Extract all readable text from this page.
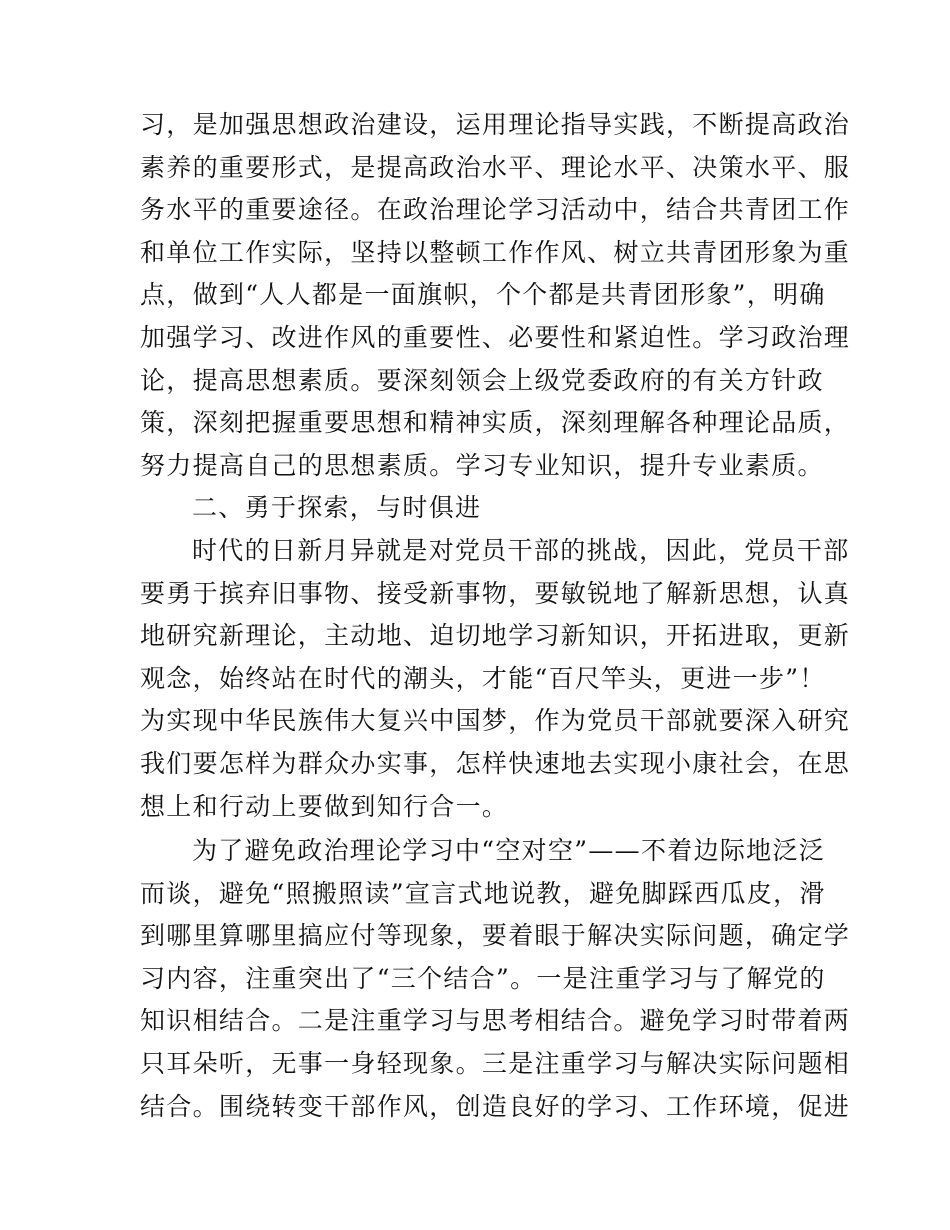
习，是加强思想政治建设，运用理论指导实践，不断提高政治
素养的重要形式，是提高政治水平、理论水平、决策水平、服
务水平的重要途径。在政治理论学习活动中，结合共青团工作
和单位工作实际，坚持以整顿工作作风、树立共青团形象为重
点，做到“人人都是一面旗帜，个个都是共青团形象”，明确
加强学习、改进作风的重要性、必要性和紧迫性。学习政治理
论，提高思想素质。要深刻领会上级党委政府的有关方针政
策，深刻把握重要思想和精神实质，深刻理解各种理论品质，
努力提高自己的思想素质。学习专业知识，提升专业素质。
二、勇于探索，与时俱进
时代的日新月异就是对党员干部的挑战，因此，党员干部
要勇于摈弃旧事物、接受新事物，要敏锐地了解新思想，认真
地研究新理论，主动地、迫切地学习新知识，开拓进取，更新
观念，始终站在时代的潮头，才能“百尺竿头，更进一步”！
为实现中华民族伟大复兴中国梦，作为党员干部就要深入研究
我们要怎样为群众办实事，怎样快速地去实现小康社会，在思
想上和行动上要做到知行合一。
为了避免政治理论学习中“空对空”——不着边际地泛泛
而谈，避免“照搬照读”宣言式地说教，避免脚踩西瓜皮，滑
到哪里算哪里搞应付等现象，要着眼于解决实际问题，确定学
习内容，注重突出了“三个结合”。一是注重学习与了解党的
知识相结合。二是注重学习与思考相结合。避免学习时带着两
只耳朵听，无事一身轻现象。三是注重学习与解决实际问题相
结合。围绕转变干部作风，创造良好的学习、工作环境，促进
